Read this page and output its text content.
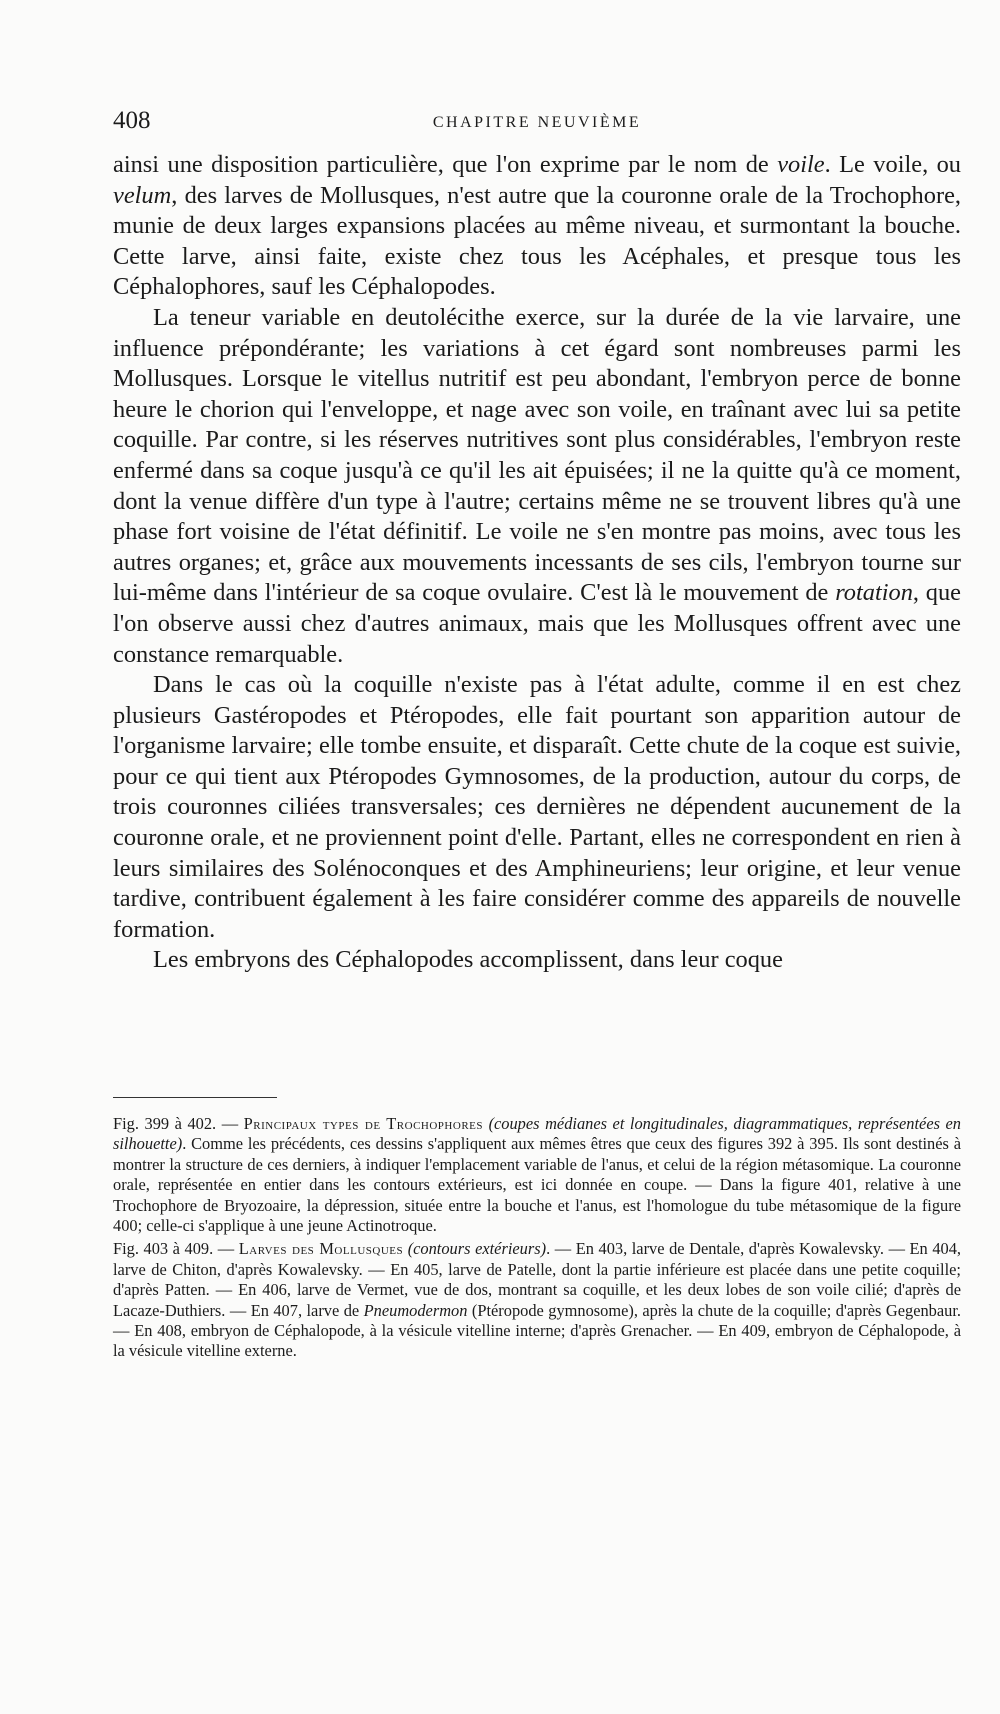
408	CHAPITRE NEUVIÈME

ainsi une disposition particulière, que l'on exprime par le nom de voile. Le voile, ou velum, des larves de Mollusques, n'est autre que la couronne orale de la Trochophore, munie de deux larges expansions placées au même niveau, et surmontant la bouche. Cette larve, ainsi faite, existe chez tous les Acéphales, et presque tous les Céphalophores, sauf les Céphalopodes.

La teneur variable en deutolécithe exerce, sur la durée de la vie larvaire, une influence prépondérante; les variations à cet égard sont nombreuses parmi les Mollusques. Lorsque le vitellus nutritif est peu abondant, l'embryon perce de bonne heure le chorion qui l'enveloppe, et nage avec son voile, en traînant avec lui sa petite coquille. Par contre, si les réserves nutritives sont plus considérables, l'embryon reste enfermé dans sa coque jusqu'à ce qu'il les ait épuisées; il ne la quitte qu'à ce moment, dont la venue diffère d'un type à l'autre; certains même ne se trouvent libres qu'à une phase fort voisine de l'état définitif. Le voile ne s'en montre pas moins, avec tous les autres organes; et, grâce aux mouvements incessants de ses cils, l'embryon tourne sur lui-même dans l'intérieur de sa coque ovulaire. C'est là le mouvement de rotation, que l'on observe aussi chez d'autres animaux, mais que les Mollusques offrent avec une constance remarquable.

Dans le cas où la coquille n'existe pas à l'état adulte, comme il en est chez plusieurs Gastéropodes et Ptéropodes, elle fait pourtant son apparition autour de l'organisme larvaire; elle tombe ensuite, et disparaît. Cette chute de la coque est suivie, pour ce qui tient aux Ptéropodes Gymnosomes, de la production, autour du corps, de trois couronnes ciliées transversales; ces dernières ne dépendent aucunement de la couronne orale, et ne proviennent point d'elle. Partant, elles ne correspondent en rien à leurs similaires des Solénoconques et des Amphineuriens; leur origine, et leur venue tardive, contribuent également à les faire considérer comme des appareils de nouvelle formation.

Les embryons des Céphalopodes accomplissent, dans leur coque

Fig. 399 à 402. — Principaux types de Trochophores (coupes médianes et longitudinales, diagrammatiques, représentées en silhouette). Comme les précédents, ces dessins s'appliquent aux mêmes êtres que ceux des figures 392 à 395. Ils sont destinés à montrer la structure de ces derniers, à indiquer l'emplacement variable de l'anus, et celui de la région métasomique. La couronne orale, représentée en entier dans les contours extérieurs, est ici donnée en coupe. — Dans la figure 401, relative à une Trochophore de Bryozoaire, la dépression, située entre la bouche et l'anus, est l'homologue du tube métasomique de la figure 400; celle-ci s'applique à une jeune Actinotroque.

Fig. 403 à 409. — Larves des Mollusques (contours extérieurs). — En 403, larve de Dentale, d'après Kowalevsky. — En 404, larve de Chiton, d'après Kowalevsky. — En 405, larve de Patelle, dont la partie inférieure est placée dans une petite coquille; d'après Patten. — En 406, larve de Vermet, vue de dos, montrant sa coquille, et les deux lobes de son voile cilié; d'après de Lacaze-Duthiers. — En 407, larve de Pneumodermon (Ptéropode gymnosome), après la chute de la coquille; d'après Gegenbaur. — En 408, embryon de Céphalopode, à la vésicule vitelline interne; d'après Grenacher. — En 409, embryon de Céphalopode, à la vésicule vitelline externe.
